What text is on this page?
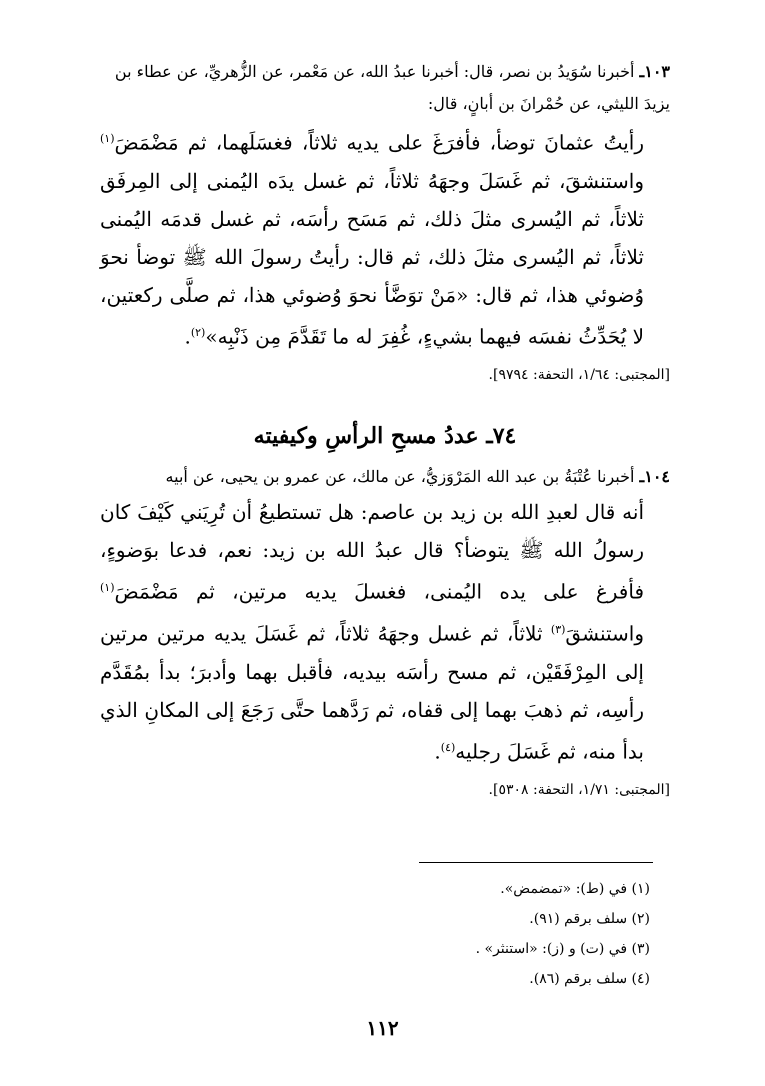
١٠٣ـ أخبرنا سُوَيدُ بن نصر، قال: أخبرنا عبدُ الله، عن مَعْمر، عن الزُّهريِّ، عن عطاء بن يزيدَ الليثي، عن حُمْرانَ بن أبانٍ، قال:

رأيتُ عثمانَ توضأ، فأفرَغَ على يديه ثلاثاً، فغسَلَهما، ثم مَضْمَضَ$^{(١)}$ واستنشقَ، ثم غَسَلَ وجهَهُ ثلاثاً، ثم غسل يدَه اليُمنى إلى المِرفَق ثلاثاً، ثم اليُسرى مثلَ ذلك، ثم مَسَح رأسَه، ثم غسل قدمَه اليُمنى ثلاثاً، ثم اليُسرى مثلَ ذلك، ثم قال: رأيتُ رسولَ الله ﷺ توضأ نحوَ وُضوئي هذا، ثم قال: «مَنْ توَضَّأ نحوَ وُضوئي هذا، ثم صلَّى ركعتين، لا يُحَدِّثُ نفسَه فيهما بشيءٍ، غُفِرَ له ما تَقَدَّمَ مِن ذَنْبِه»$^{(٢)}$.

[المجتبى: ١/٦٤، التحفة: ٩٧٩٤].

٧٤ـ عددُ مسحِ الرأسِ وكيفيته

١٠٤ـ أخبرنا عُتْبَةُ بن عبد الله المَرْوَزيُّ، عن مالك، عن عمرو بن يحيى، عن أبيه

أنه قال لعبدِ الله بن زيد بن عاصم: هل تستطيعُ أن تُرِيَني كَيْفَ كان رسولُ الله ﷺ يتوضأ؟ قال عبدُ الله بن زيد: نعم، فدعا بوَضوءٍ، فأفرغ على يده اليُمنى، فغسلَ يديه مرتين، ثم مَضْمَضَ$^{(١)}$ واستنشقَ$^{(٣)}$ ثلاثاً، ثم غسل وجهَهُ ثلاثاً، ثم غَسَلَ يديه مرتين مرتين إلى المِرْفَقَيْن، ثم مسح رأسَه بيديه، فأقبل بهما وأدبرَ؛ بدأ بمُقَدَّم رأسِه، ثم ذهبَ بهما إلى قفاه، ثم رَدَّهما حتَّى رَجَعَ إلى المكانِ الذي بدأ منه، ثم غَسَلَ رجليه$^{(٤)}$.

[المجتبى: ١/٧١، التحفة: ٥٣٠٨].

(١) في (ط): «تمضمض».
(٢) سلف برقم (٩١).
(٣) في (ت) و (ز): «استنثر» .
(٤) سلف برقم (٨٦).
١١٢
